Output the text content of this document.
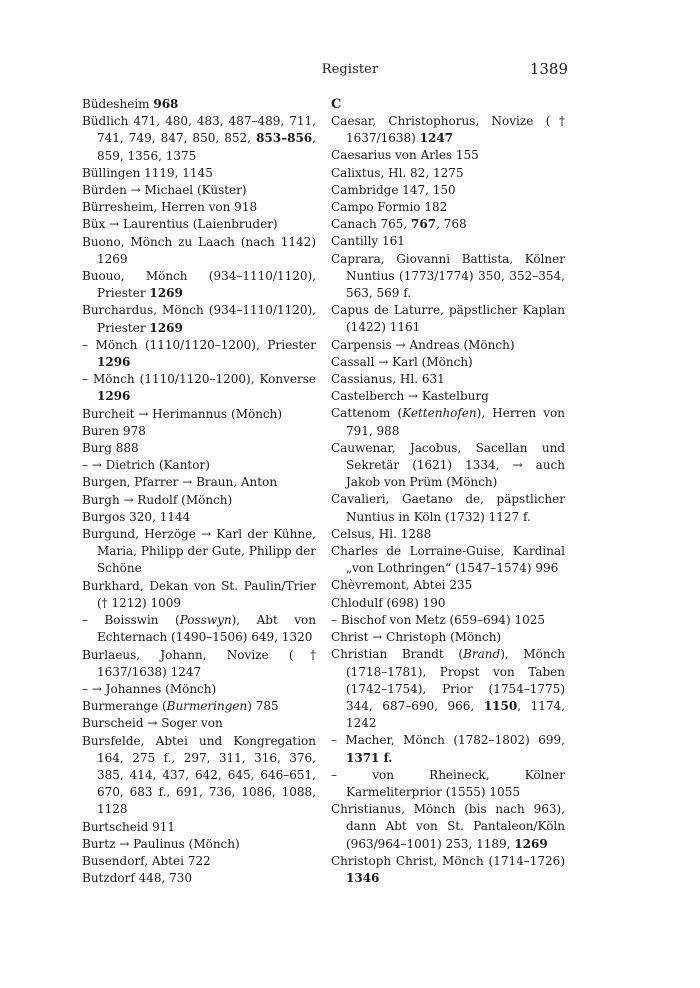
Register	1389
Büdesheim 968
Büdlich 471, 480, 483, 487–489, 711, 741, 749, 847, 850, 852, 853–856, 859, 1356, 1375
Büllingen 1119, 1145
Bürden → Michael (Küster)
Bürresheim, Herren von 918
Büx → Laurentius (Laienbruder)
Buono, Mönch zu Laach (nach 1142) 1269
Buouo, Mönch (934–1110/1120), Priester 1269
Burchardus, Mönch (934–1110/1120), Priester 1269
– Mönch (1110/1120–1200), Priester 1296
– Mönch (1110/1120–1200), Konverse 1296
Burcheit → Herimannus (Mönch)
Buren 978
Burg 888
– → Dietrich (Kantor)
Burgen, Pfarrer → Braun, Anton
Burgh → Rudolf (Mönch)
Burgos 320, 1144
Burgund, Herzöge → Karl der Kühne, Maria, Philipp der Gute, Philipp der Schöne
Burkhard, Dekan von St. Paulin/Trier († 1212) 1009
– Boisswin (Posswyn), Abt von Echternach (1490–1506) 649, 1320
Burlaeus, Johann, Novize († 1637/1638) 1247
– → Johannes (Mönch)
Burmerange (Burmeringen) 785
Burscheid → Soger von
Bursfelde, Abtei und Kongregation 164, 275 f., 297, 311, 316, 376, 385, 414, 437, 642, 645, 646–651, 670, 683 f., 691, 736, 1086, 1088, 1128
Burtscheid 911
Burtz → Paulinus (Mönch)
Busendorf, Abtei 722
Butzdorf 448, 730
C
Caesar, Christophorus, Novize († 1637/1638) 1247
Caesarius von Arles 155
Calixtus, Hl. 82, 1275
Cambridge 147, 150
Campo Formio 182
Canach 765, 767, 768
Cantilly 161
Caprara, Giovanni Battista, Kölner Nuntius (1773/1774) 350, 352–354, 563, 569 f.
Capus de Laturre, päpstlicher Kaplan (1422) 1161
Carpensis → Andreas (Mönch)
Cassall → Karl (Mönch)
Cassianus, Hl. 631
Castelberch → Kastelburg
Cattenom (Kettenhofen), Herren von 791, 988
Cauwenar, Jacobus, Sacellan und Sekretär (1621) 1334, → auch Jakob von Prüm (Mönch)
Cavalieri, Gaetano de, päpstlicher Nuntius in Köln (1732) 1127 f.
Celsus, Hl. 1288
Charles de Lorraine-Guise, Kardinal „von Lothringen“ (1547–1574) 996
Chèvremont, Abtei 235
Chlodulf (698) 190
– Bischof von Metz (659–694) 1025
Christ → Christoph (Mönch)
Christian Brandt (Brand), Mönch (1718–1781), Propst von Taben (1742–1754), Prior (1754–1775) 344, 687–690, 966, 1150, 1174, 1242
– Macher, Mönch (1782–1802) 699, 1371 f.
– von Rheineck, Kölner Karmeliterprior (1555) 1055
Christianus, Mönch (bis nach 963), dann Abt von St. Pantaleon/Köln (963/964–1001) 253, 1189, 1269
Christoph Christ, Mönch (1714–1726) 1346
